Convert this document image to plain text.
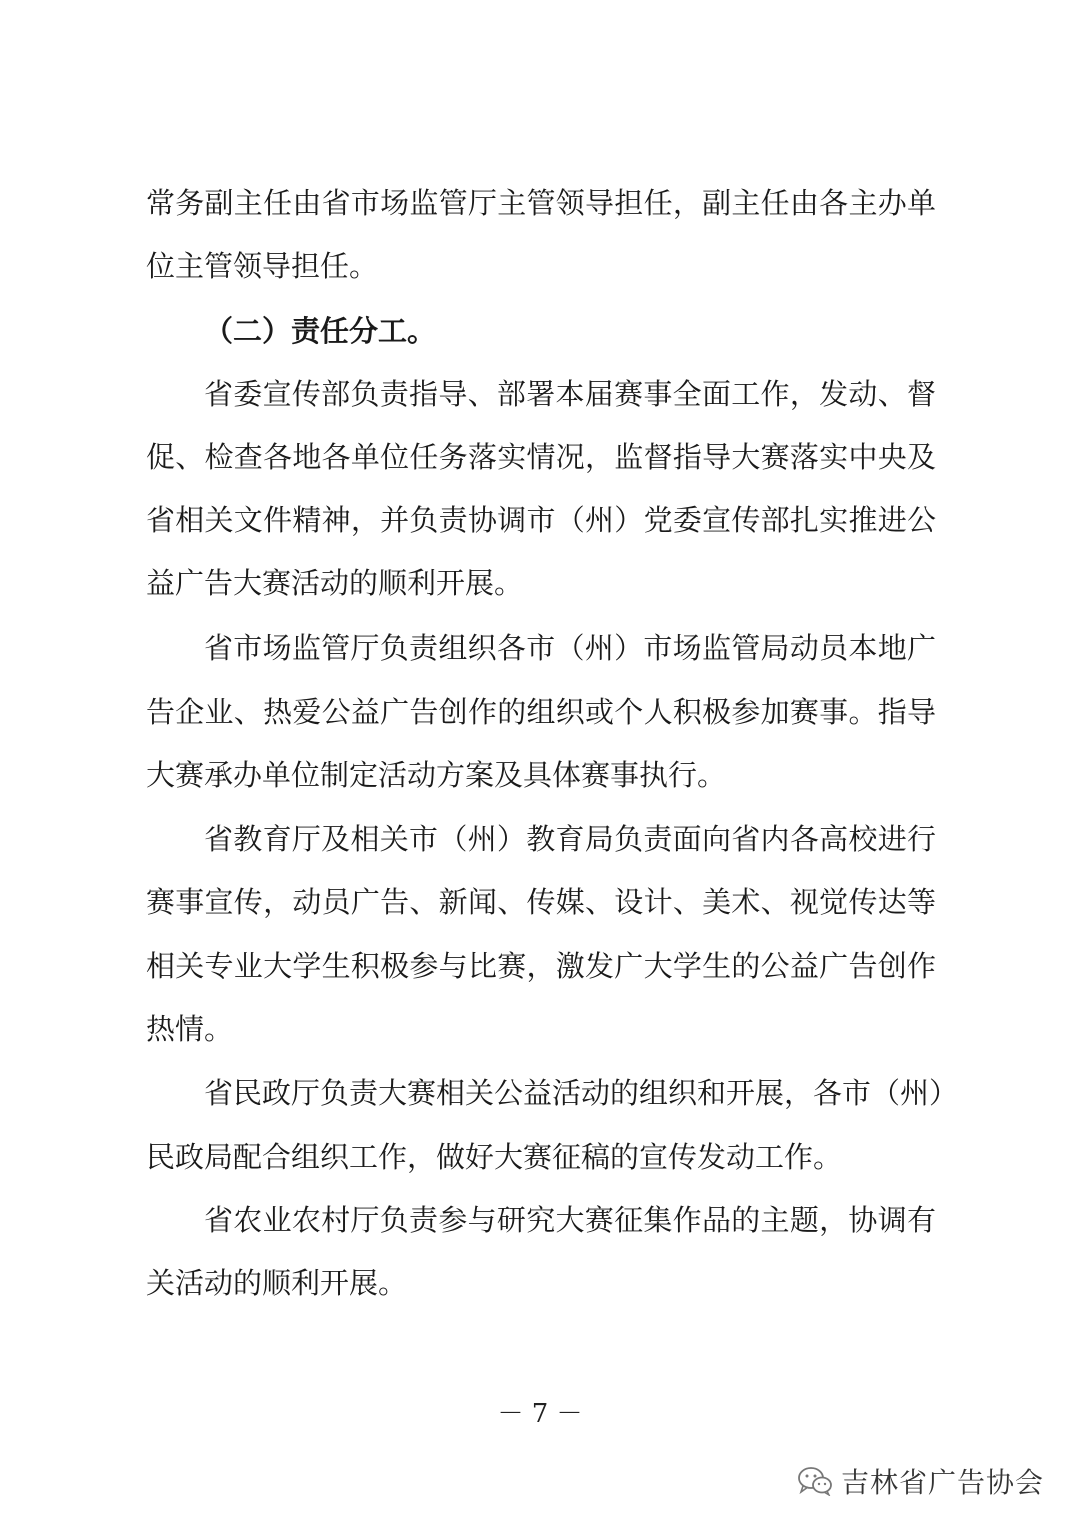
常务副主任由省市场监管厅主管领导担任，副主任由各主办单
位主管领导担任。
（二）责任分工。
省委宣传部负责指导、部署本届赛事全面工作，发动、督
促、检查各地各单位任务落实情况，监督指导大赛落实中央及
省相关文件精神，并负责协调市（州）党委宣传部扎实推进公
益广告大赛活动的顺利开展。
省市场监管厅负责组织各市（州）市场监管局动员本地广
告企业、热爱公益广告创作的组织或个人积极参加赛事。指导
大赛承办单位制定活动方案及具体赛事执行。
省教育厅及相关市（州）教育局负责面向省内各高校进行
赛事宣传，动员广告、新闻、传媒、设计、美术、视觉传达等
相关专业大学生积极参与比赛，激发广大学生的公益广告创作
热情。
省民政厅负责大赛相关公益活动的组织和开展，各市（州）
民政局配合组织工作，做好大赛征稿的宣传发动工作。
省农业农村厅负责参与研究大赛征集作品的主题，协调有
关活动的顺利开展。
－ 7 －
吉林省广告协会
